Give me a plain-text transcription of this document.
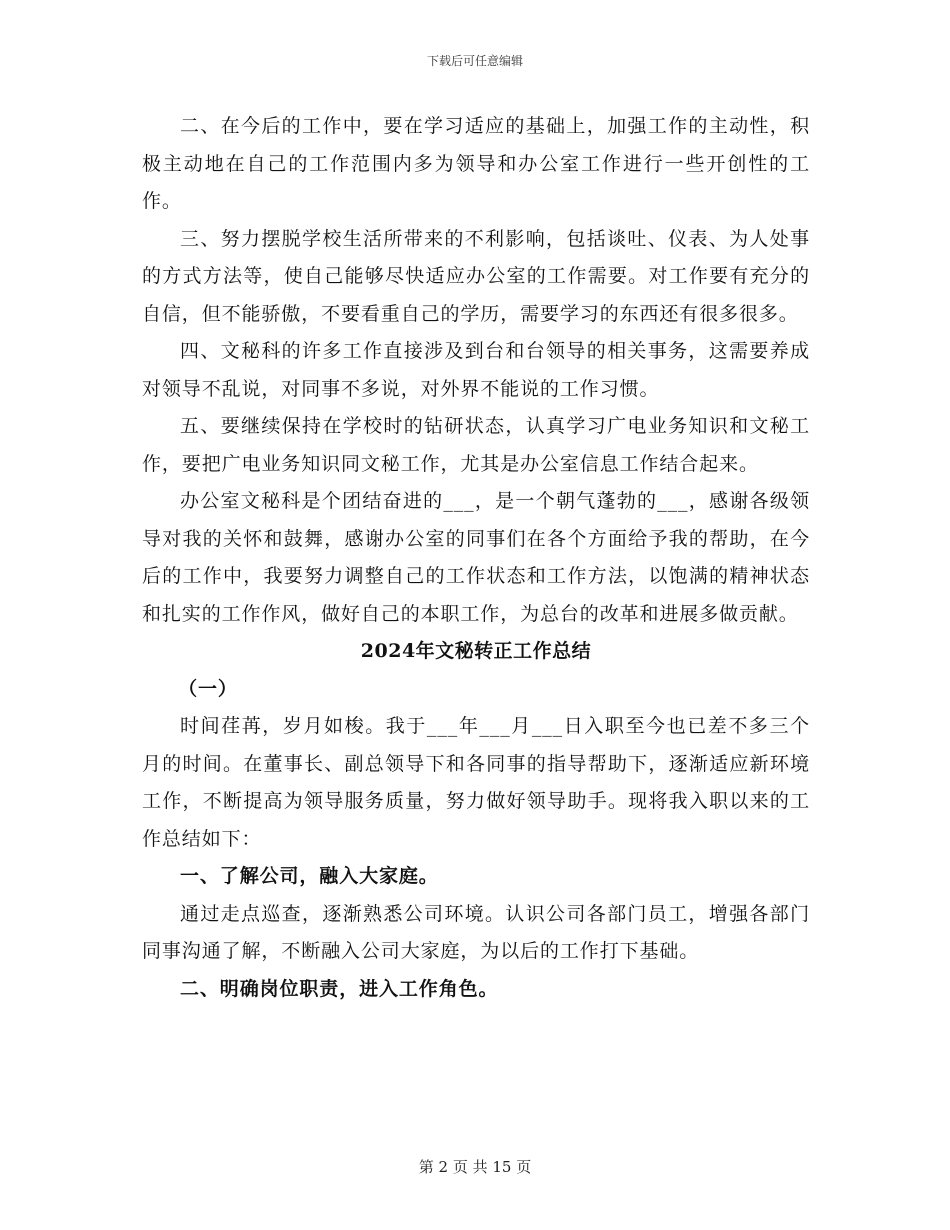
下载后可任意编辑

二、在今后的工作中，要在学习适应的基础上，加强工作的主动性，积极主动地在自己的工作范围内多为领导和办公室工作进行一些开创性的工作。

三、努力摆脱学校生活所带来的不利影响，包括谈吐、仪表、为人处事的方式方法等，使自己能够尽快适应办公室的工作需要。对工作要有充分的自信，但不能骄傲，不要看重自己的学历，需要学习的东西还有很多很多。

四、文秘科的许多工作直接涉及到台和台领导的相关事务，这需要养成对领导不乱说，对同事不多说，对外界不能说的工作习惯。

五、要继续保持在学校时的钻研状态，认真学习广电业务知识和文秘工作，要把广电业务知识同文秘工作，尤其是办公室信息工作结合起来。

办公室文秘科是个团结奋进的___，是一个朝气蓬勃的___，感谢各级领导对我的关怀和鼓舞，感谢办公室的同事们在各个方面给予我的帮助，在今后的工作中，我要努力调整自己的工作状态和工作方法，以饱满的精神状态和扎实的工作作风，做好自己的本职工作，为总台的改革和进展多做贡献。

2024年文秘转正工作总结

（一）

时间荏苒，岁月如梭。我于___年___月___日入职至今也已差不多三个月的时间。在董事长、副总领导下和各同事的指导帮助下，逐渐适应新环境工作，不断提高为领导服务质量，努力做好领导助手。现将我入职以来的工作总结如下：

一、了解公司，融入大家庭。

通过走点巡查，逐渐熟悉公司环境。认识公司各部门员工，增强各部门同事沟通了解，不断融入公司大家庭，为以后的工作打下基础。

二、明确岗位职责，进入工作角色。

第 2 页 共 15 页
